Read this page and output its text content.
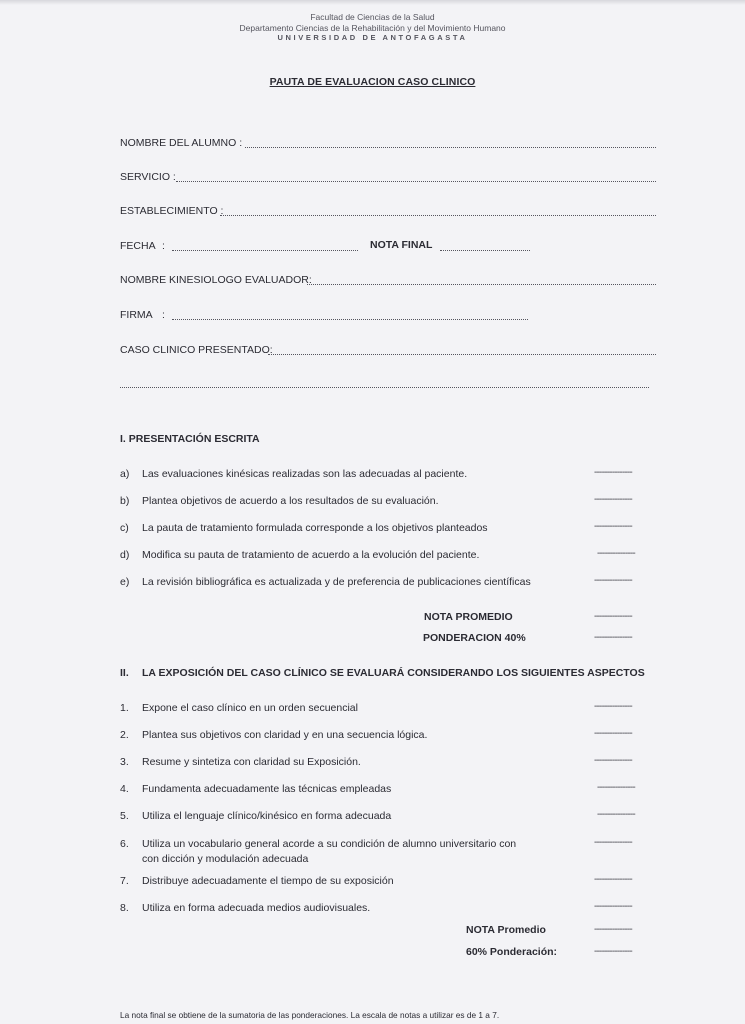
Facultad de Ciencias de la Salud
Departamento Ciencias de la Rehabilitación y del Movimiento Humano
UNIVERSIDAD DE ANTOFAGASTA
PAUTA DE EVALUACION CASO CLINICO
NOMBRE DEL ALUMNO :
SERVICIO :
ESTABLECIMIENTO :
FECHA :	NOTA FINAL
NOMBRE KINESIOLOGO EVALUADOR:
FIRMA :
CASO CLINICO PRESENTADO:
I. PRESENTACIÓN ESCRITA
a) Las evaluaciones kinésicas realizadas son las adecuadas al paciente.	---------------
b) Plantea objetivos de acuerdo a los resultados de su evaluación.	---------------
c) La pauta de tratamiento formulada corresponde a los objetivos planteados	---------------
d) Modifica su pauta de tratamiento de acuerdo a la evolución del paciente.	---------------
e) La revisión bibliográfica es actualizada y de preferencia de publicaciones científicas	---------------
NOTA PROMEDIO	---------------
PONDERACION 40%	---------------
II. LA EXPOSICIÓN DEL CASO CLÍNICO SE EVALUARÁ CONSIDERANDO LOS SIGUIENTES ASPECTOS
1. Expone el caso clínico en un orden secuencial	---------------
2. Plantea sus objetivos con claridad y en una secuencia lógica.	---------------
3. Resume y sintetiza con claridad su Exposición.	---------------
4. Fundamenta adecuadamente las técnicas empleadas	---------------
5. Utiliza el lenguaje clínico/kinésico en forma adecuada	---------------
6. Utiliza un vocabulario general acorde a su condición de alumno universitario con
con dicción y modulación adecuada
---------------
7. Distribuye adecuadamente el tiempo de su exposición	---------------
8. Utiliza en forma adecuada medios audiovisuales.	---------------
NOTA Promedio	---------------
60% Ponderación:	---------------
La nota final se obtiene de la sumatoria de las ponderaciones. La escala de notas a utilizar es de 1 a 7.
